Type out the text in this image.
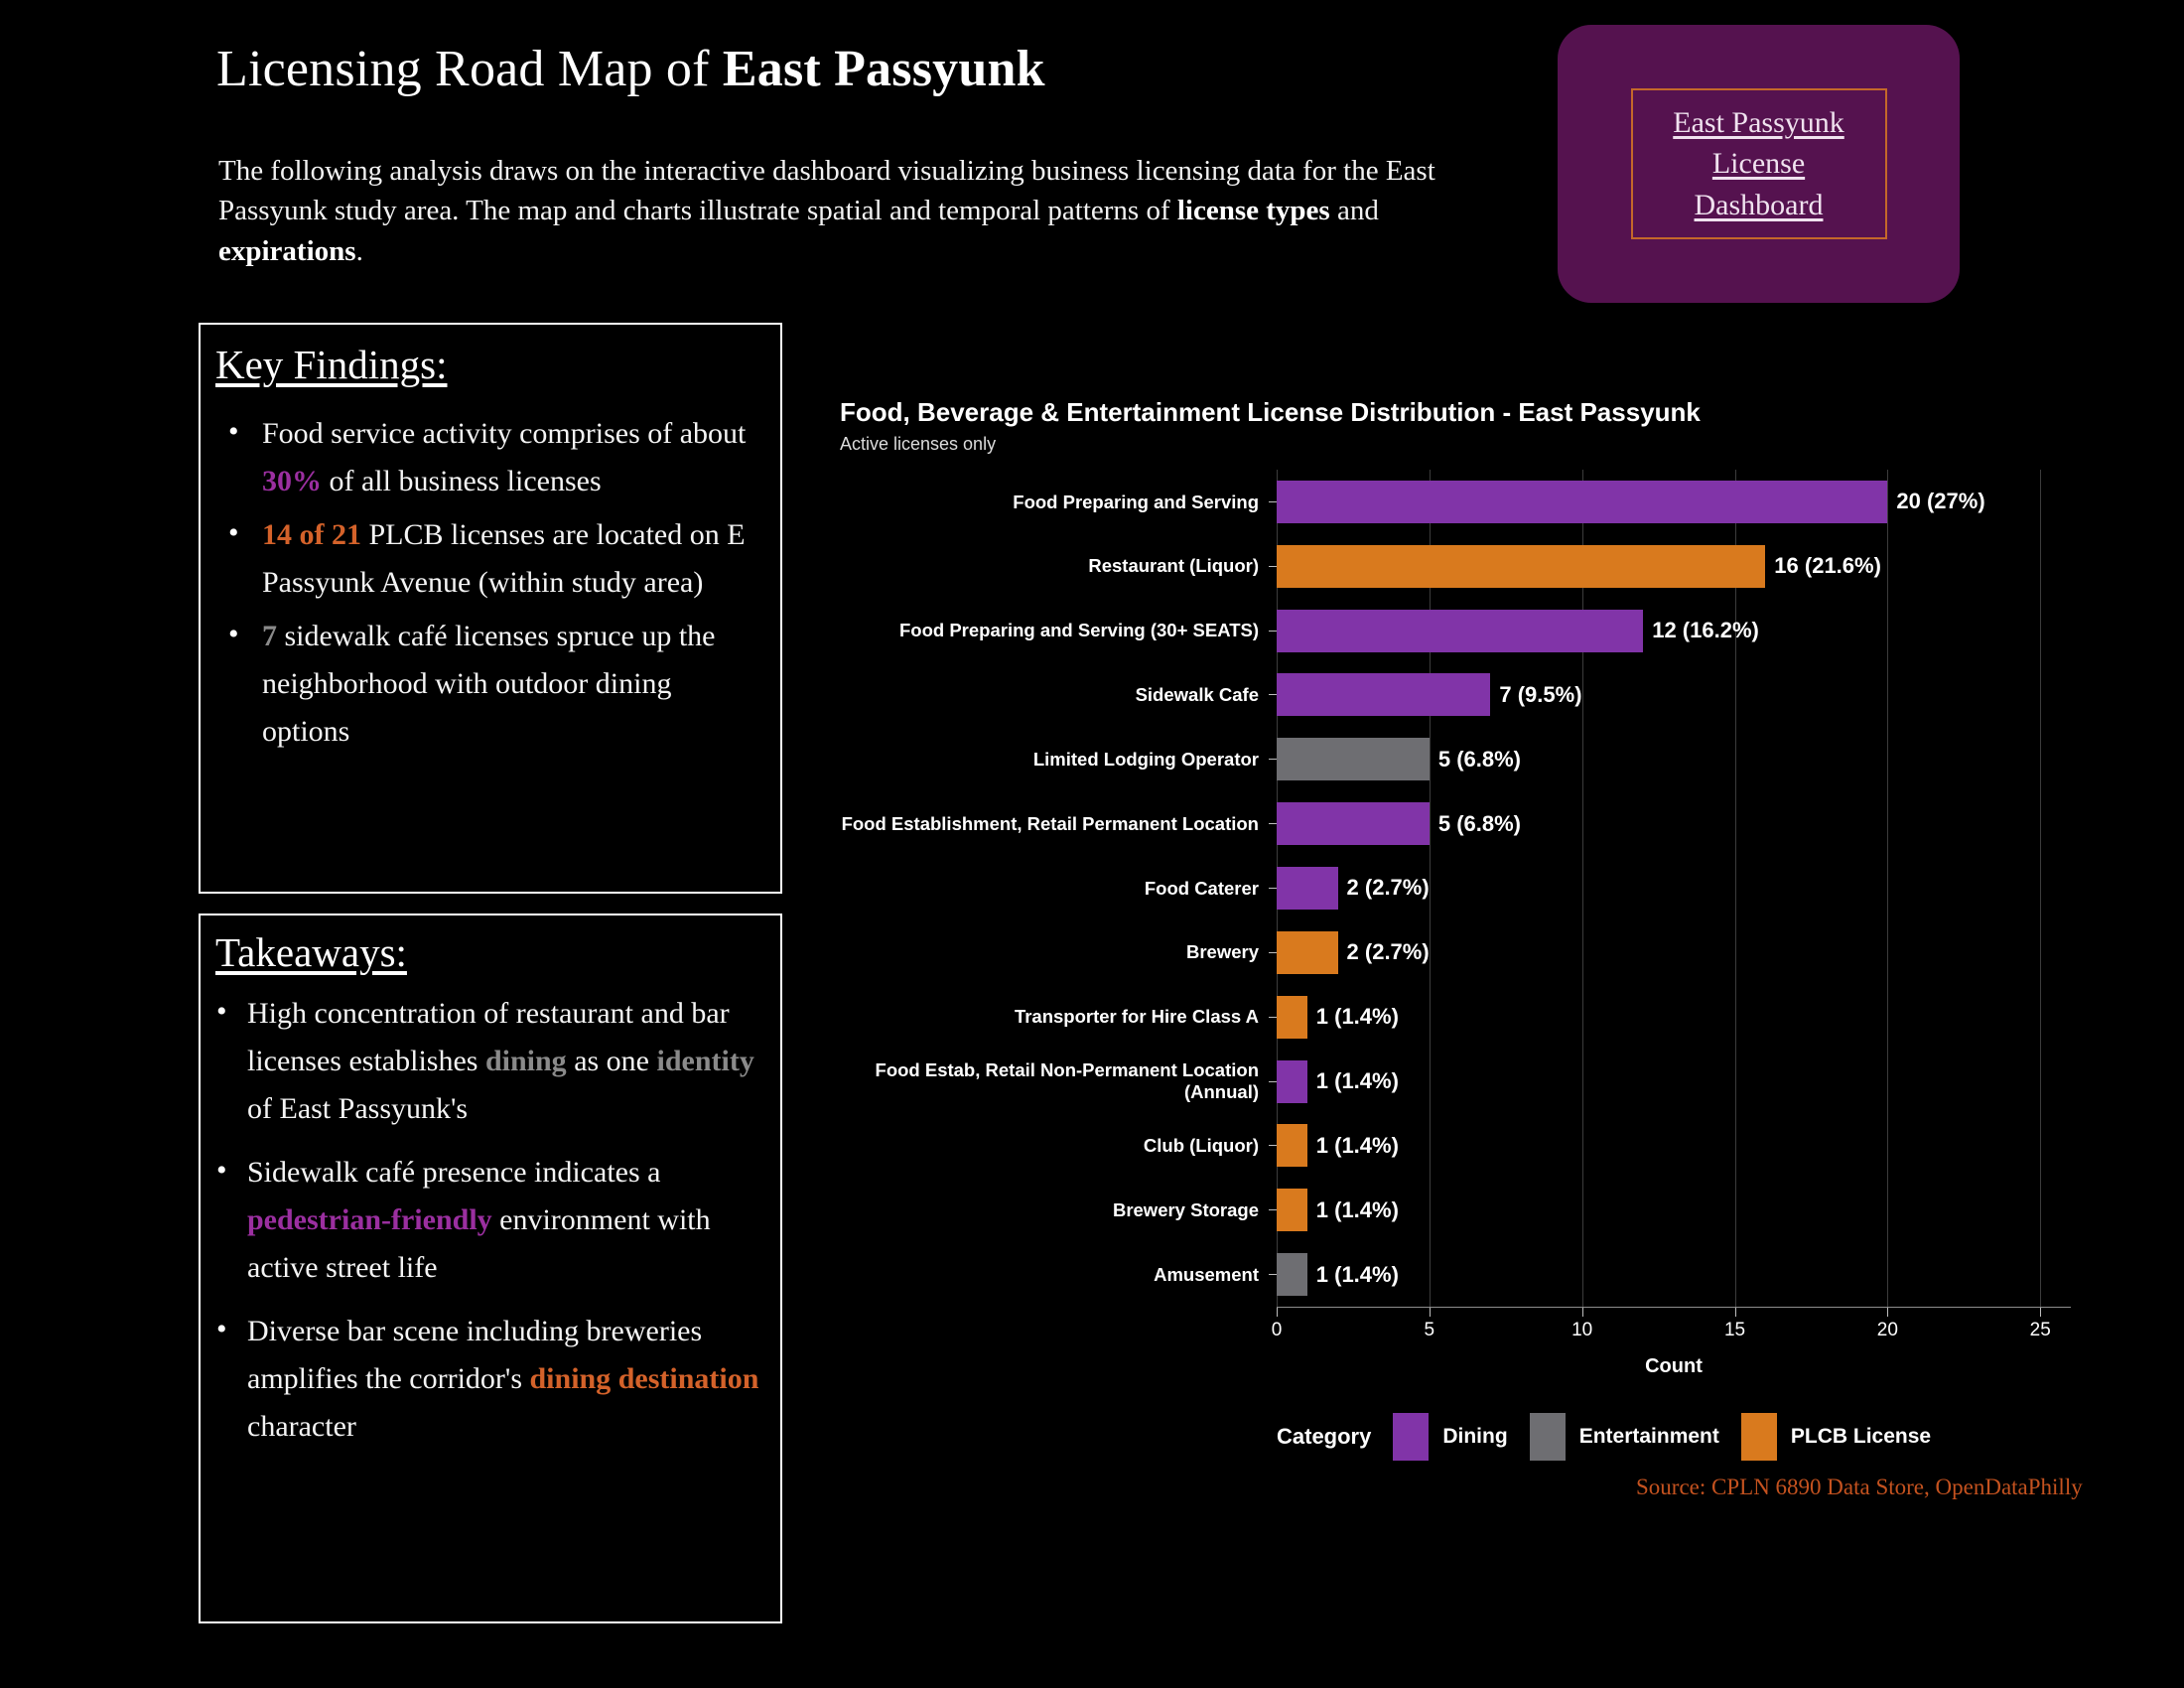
Licensing Road Map of East Passyunk
The following analysis draws on the interactive dashboard visualizing business licensing data for the East Passyunk study area. The map and charts illustrate spatial and temporal patterns of license types and expirations.
East Passyunk
License
Dashboard
Key Findings:
• Food service activity comprises of about 30% of all business licenses
• 14 of 21 PLCB licenses are located on E Passyunk Avenue (within study area)
• 7 sidewalk café licenses spruce up the neighborhood with outdoor dining options
Takeaways:
• High concentration of restaurant and bar licenses establishes dining as one identity of East Passyunk's
• Sidewalk café presence indicates a pedestrian-friendly environment with active street life
• Diverse bar scene including breweries amplifies the corridor's dining destination character
Food, Beverage & Entertainment License Distribution - East Passyunk
Active licenses only
Food Preparing and Serving	20 (27%)
Restaurant (Liquor)	16 (21.6%)
Food Preparing and Serving (30+ SEATS)	12 (16.2%)
Sidewalk Cafe	7 (9.5%)
Limited Lodging Operator	5 (6.8%)
Food Establishment, Retail Permanent Location	5 (6.8%)
Food Caterer	2 (2.7%)
Brewery	2 (2.7%)
Transporter for Hire Class A	1 (1.4%)
Food Estab, Retail Non-Permanent Location (Annual)	1 (1.4%)
Club (Liquor)	1 (1.4%)
Brewery Storage	1 (1.4%)
Amusement	1 (1.4%)
0	5	10	15	20	25
Count
Category	Dining	Entertainment	PLCB License
Source: CPLN 6890 Data Store, OpenDataPhilly
